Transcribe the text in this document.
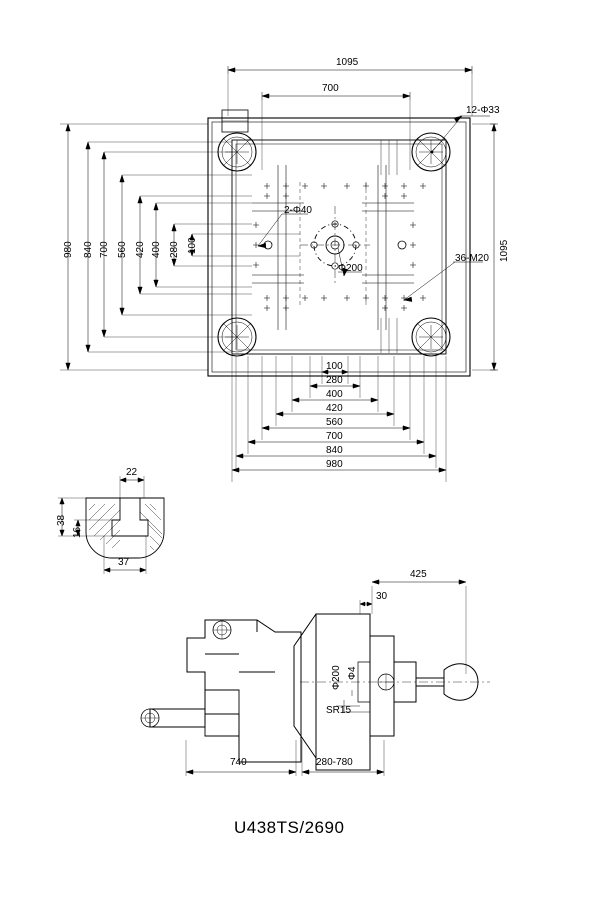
1095
700
1095
980 840 700 560 420 400 280 100
100
280
400
420
560
700
840
980
12-Φ33
2-Φ40
Φ200
36-M20
22
38
16
37
740	280-780
425
30
Φ200 Φ4
SR15
U438TS/2690
